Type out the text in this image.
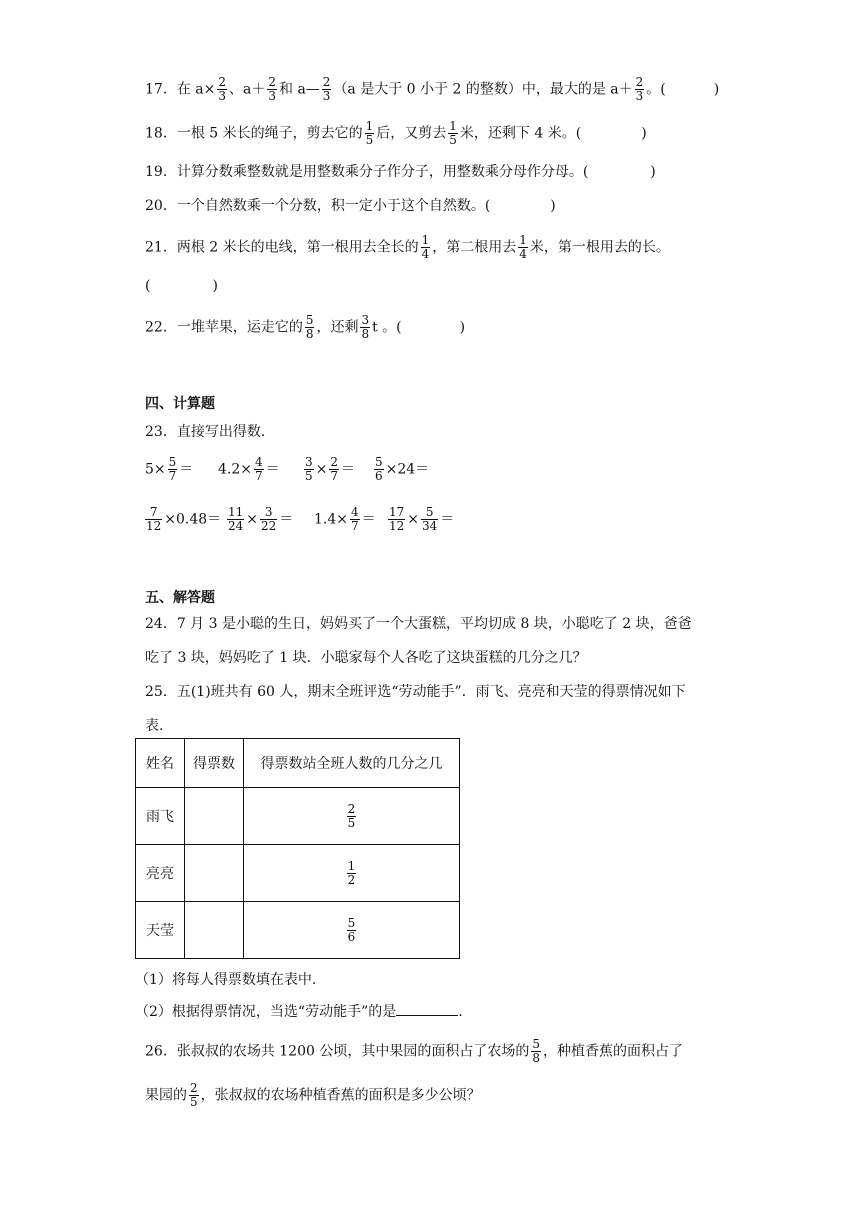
17．在 $a\times \frac{2}{3}$ 、$a+ \frac{2}{3}$ 和 a— $\frac{2}{3} (a$ 是大于 0 小于 2 的整数）中，最大的是 $a+ \frac{2}{3}$ 。(	)
18．一根 5 米长的绳子，剪去它的 $\frac{1}{5}$ 后，又剪去 $\frac{1}{5}$ 米，还剩下 4 米。(	)
19．计算分数乘整数就是用整数乘分子作分子，用整数乘分母作分母。(	)
20．一个自然数乘一个分数，积一定小于这个自然数。(	)
21．两根 2 米长的电线，第一根用去全长的 $\frac{1}{4}$ ，第二根用去 $\frac{1}{4}$ 米，第一根用去的长。
(	)
22．一堆苹果，运走它的 $\frac{5}{8}$ ，还剩 $\frac{3}{8}$ t 。(	)
四、计算题
23．直接写出得数.
$5\times \frac{5}{7} = 4.2\times \frac{4}{7} = \frac{3}{5} \times \frac{2}{7} = \frac{5}{6} \times 24=$
$\frac{7}{12} \times 0.48= \frac{11}{24} \times \frac{3}{22} = 1.4\times \frac{4}{7} = \frac{17}{12} \times \frac{5}{34}$ ＝
五、解答题
24．7 月 3 是小聪的生日，妈妈买了一个大蛋糕，平均切成 8 块，小聪吃了 2 块，爸爸
吃了 3 块，妈妈吃了 1 块．小聪家每个人各吃了这块蛋糕的几分之几？
25．五(1)班共有 60 人，期末全班评选“劳动能手”．雨飞、亮亮和天莹的得票情况如下
表.
姓名	得票数	得票数站全班人数的几分之几
雨飞		$\frac{2}{5}$

亮亮		$\frac{1}{2}$

天莹		$\frac{5}{6}$
（1）将每人得票数填在表中.
（2）根据得票情况，当选“劳动能手”的是	.
26．张叔叔的农场共 1200 公顷，其中果园的面积占了农场的 $\frac{5}{8}$ ，种植香蕉的面积占了
果园的 $\frac{2}{5}$ ，张叔叔的农场种植香蕉的面积是多少公顷？
